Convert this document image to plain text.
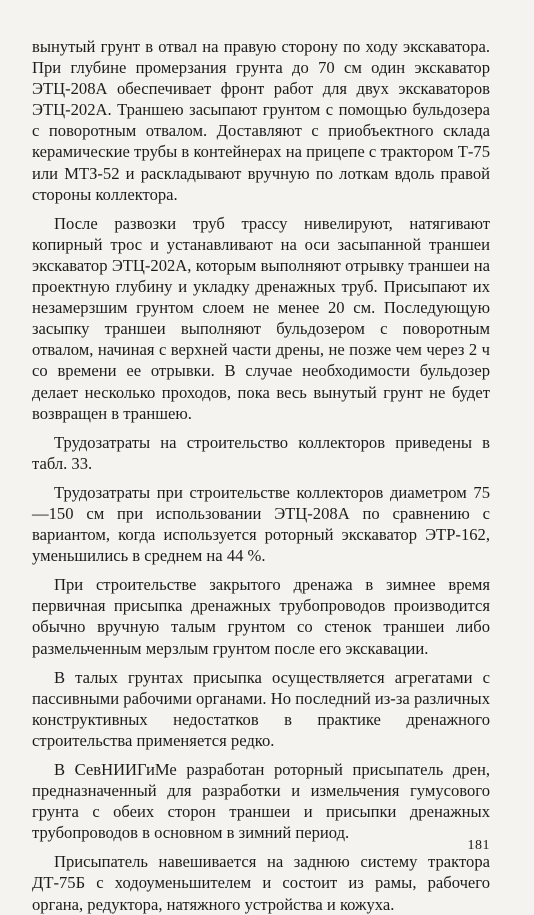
вынутый грунт в отвал на правую сторону по ходу экскаватора. При глубине промерзания грунта до 70 см один экскаватор ЭТЦ-208А обеспечивает фронт работ для двух экскаваторов ЭТЦ-202А. Траншею засыпают грунтом с помощью бульдозера с поворотным отвалом. Доставляют с приобъектного склада керамические трубы в контейнерах на прицепе с трактором Т-75 или МТЗ-52 и раскладывают вручную по лоткам вдоль правой стороны коллектора.

После развозки труб трассу нивелируют, натягивают копирный трос и устанавливают на оси засыпанной траншеи экскаватор ЭТЦ-202А, которым выполняют отрывку траншеи на проектную глубину и укладку дренажных труб. Присыпают их незамерзшим грунтом слоем не менее 20 см. Последующую засыпку траншеи выполняют бульдозером с поворотным отвалом, начиная с верхней части дрены, не позже чем через 2 ч со времени ее отрывки. В случае необходимости бульдозер делает несколько проходов, пока весь вынутый грунт не будет возвращен в траншею.

Трудозатраты на строительство коллекторов приведены в табл. 33.

Трудозатраты при строительстве коллекторов диаметром 75—150 см при использовании ЭТЦ-208А по сравнению с вариантом, когда используется роторный экскаватор ЭТР-162, уменьшились в среднем на 44 %.

При строительстве закрытого дренажа в зимнее время первичная присыпка дренажных трубопроводов производится обычно вручную талым грунтом со стенок траншеи либо размельченным мерзлым грунтом после его экскавации.

В талых грунтах присыпка осуществляется агрегатами с пассивными рабочими органами. Но последний из-за различных конструктивных недостатков в практике дренажного строительства применяется редко.

В СевНИИГиМе разработан роторный присыпатель дрен, предназначенный для разработки и измельчения гумусового грунта с обеих сторон траншеи и присыпки дренажных трубопроводов в основном в зимний период.

Присыпатель навешивается на заднюю систему трактора ДТ-75Б с ходоуменьшителем и состоит из рамы, рабочего органа, редуктора, натяжного устройства и кожуха.

181
